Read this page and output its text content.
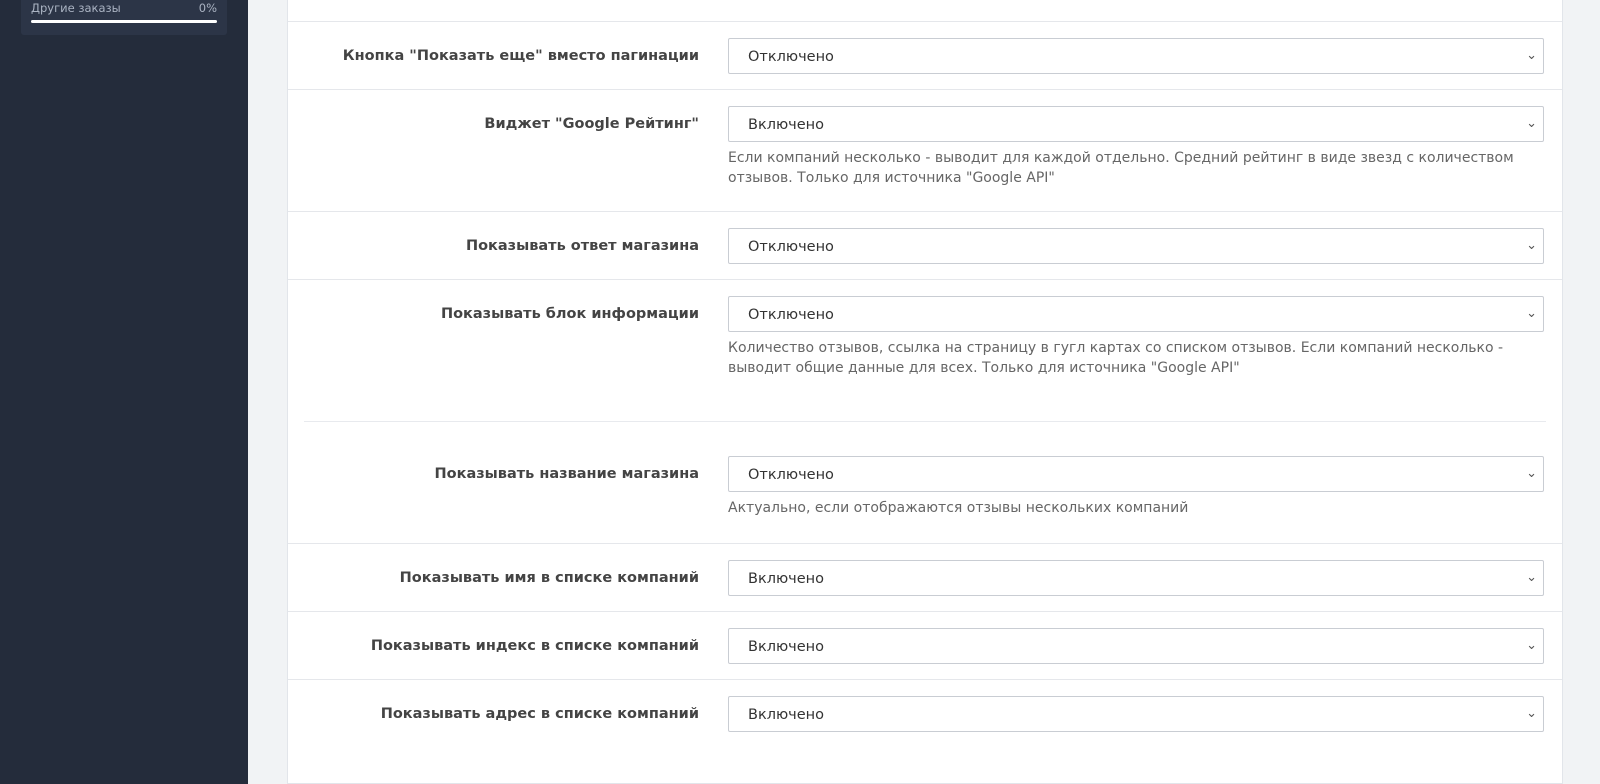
Другие заказы	0%
Кнопка "Показать еще" вместо пагинации	Отключено	⌄
Виджет "Google Рейтинг"	Включено	⌄
Если компаний несколько - выводит для каждой отдельно. Средний рейтинг в виде звезд с количеством отзывов. Только для источника "Google API"
Показывать ответ магазина	Отключено	⌄
Показывать блок информации	Отключено	⌄
Количество отзывов, ссылка на страницу в гугл картах со списком отзывов. Если компаний несколько - выводит общие данные для всех. Только для источника "Google API"
Показывать название магазина	Отключено	⌄
Актуально, если отображаются отзывы нескольких компаний
Показывать имя в списке компаний	Включено	⌄
Показывать индекс в списке компаний	Включено	⌄
Показывать адрес в списке компаний	Включено	⌄
